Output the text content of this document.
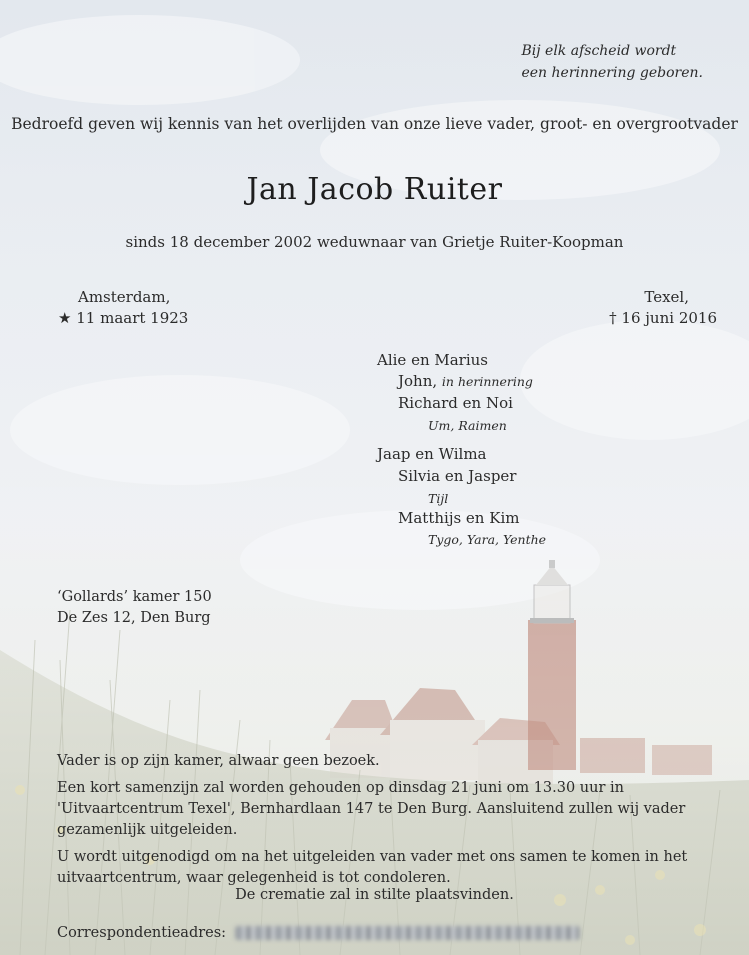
Bij elk afscheid wordt
een herinnering geboren.
Bedroefd geven wij kennis van het overlijden van onze lieve vader, groot- en overgrootvader
Jan Jacob Ruiter
sinds 18 december 2002 weduwnaar van Grietje Ruiter-Koopman
Amsterdam,
★ 11 maart 1923
Texel,
† 16 juni 2016
Alie en Marius
John, in herinnering
Richard en Noi
Um, Raimen
Jaap en Wilma
Silvia en Jasper
Tijl
Matthijs en Kim
Tygo, Yara, Yenthe
‘Gollards’ kamer 150
De Zes 12, Den Burg

Vader is op zijn kamer, alwaar geen bezoek.

Een kort samenzijn zal worden gehouden op dinsdag 21 juni om 13.30 uur in 'Uitvaartcentrum Texel', Bernhardlaan 147 te Den Burg. Aansluitend zullen wij vader gezamenlijk uitgeleiden.

U wordt uitgenodigd om na het uitgeleiden van vader met ons samen te komen in het uitvaartcentrum, waar gelegenheid is tot condoleren.

De crematie zal in stilte plaatsvinden.
Correspondentieadres:
